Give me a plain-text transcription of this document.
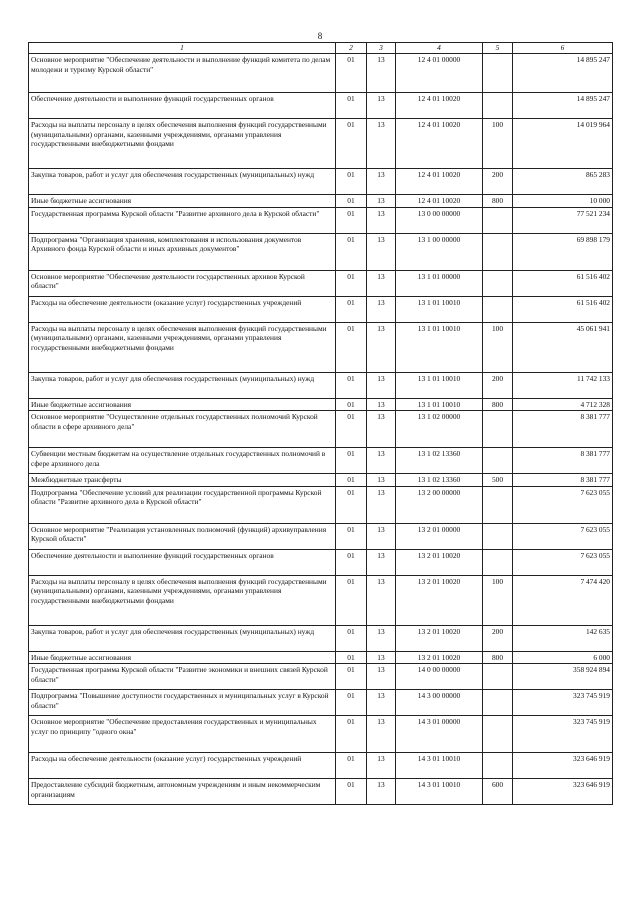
8
1	2	3	4	5	6
Основное мероприятие "Обеспечение деятельности и выполнение функций комитета по делам молодежи и туризму Курской области"	01	13	12 4 01 00000		14 895 247
Обеспечение деятельности и выполнение функций государственных органов	01	13	12 4 01 10020		14 895 247
Расходы на выплаты персоналу в целях обеспечения выполнения функций государственными (муниципальными) органами, казенными учреждениями, органами управления государственными внебюджетными фондами	01	13	12 4 01 10020	100	14 019 964
Закупка товаров, работ и услуг для обеспечения государственных (муниципальных) нужд	01	13	12 4 01 10020	200	865 283
Иные бюджетные ассигнования	01	13	12 4 01 10020	800	10 000
Государственная программа Курской области "Развитие архивного дела в Курской области"	01	13	13 0 00 00000		77 521 234
Подпрограмма "Организация хранения, комплектования и использования документов Архивного фонда Курской области и иных архивных документов"	01	13	13 1 00 00000		69 898 179
Основное мероприятие "Обеспечение деятельности государственных архивов Курской области"	01	13	13 1 01 00000		61 516 402
Расходы на обеспечение деятельности (оказание услуг) государственных учреждений	01	13	13 1 01 10010		61 516 402
Расходы на выплаты персоналу в целях обеспечения выполнения функций государственными (муниципальными) органами, казенными учреждениями, органами управления государственными внебюджетными фондами	01	13	13 1 01 10010	100	45 061 941
Закупка товаров, работ и услуг для обеспечения государственных (муниципальных) нужд	01	13	13 1 01 10010	200	11 742 133
Иные бюджетные ассигнования	01	13	13 1 01 10010	800	4 712 328
Основное мероприятие "Осуществление отдельных государственных полномочий Курской области в сфере архивного дела"	01	13	13 1 02 00000		8 381 777
Субвенции местным бюджетам на осуществление отдельных государственных полномочий в сфере архивного дела	01	13	13 1 02 13360		8 381 777
Межбюджетные трансферты	01	13	13 1 02 13360	500	8 381 777
Подпрограмма "Обеспечение условий для реализации государственной программы Курской области "Развитие архивного дела в Курской области"	01	13	13 2 00 00000		7 623 055
Основное мероприятие "Реализация установленных полномочий (функций) архивуправления Курской области"	01	13	13 2 01 00000		7 623 055
Обеспечение деятельности и выполнение функций государственных органов	01	13	13 2 01 10020		7 623 055
Расходы на выплаты персоналу в целях обеспечения выполнения функций государственными (муниципальными) органами, казенными учреждениями, органами управления государственными внебюджетными фондами	01	13	13 2 01 10020	100	7 474 420
Закупка товаров, работ и услуг для обеспечения государственных (муниципальных) нужд	01	13	13 2 01 10020	200	142 635
Иные бюджетные ассигнования	01	13	13 2 01 10020	800	6 000
Государственная программа Курской области "Развитие экономики и внешних связей Курской области"	01	13	14 0 00 00000		358 924 894
Подпрограмма "Повышение доступности государственных и муниципальных услуг в Курской области"	01	13	14 3 00 00000		323 745 919
Основное мероприятие "Обеспечение предоставления государственных и муниципальных услуг по принципу "одного окна"	01	13	14 3 01 00000		323 745 919
Расходы на обеспечение деятельности (оказание услуг) государственных учреждений	01	13	14 3 01 10010		323 646 919
Предоставление субсидий бюджетным, автономным учреждениям и иным некоммерческим организациям	01	13	14 3 01 10010	600	323 646 919
